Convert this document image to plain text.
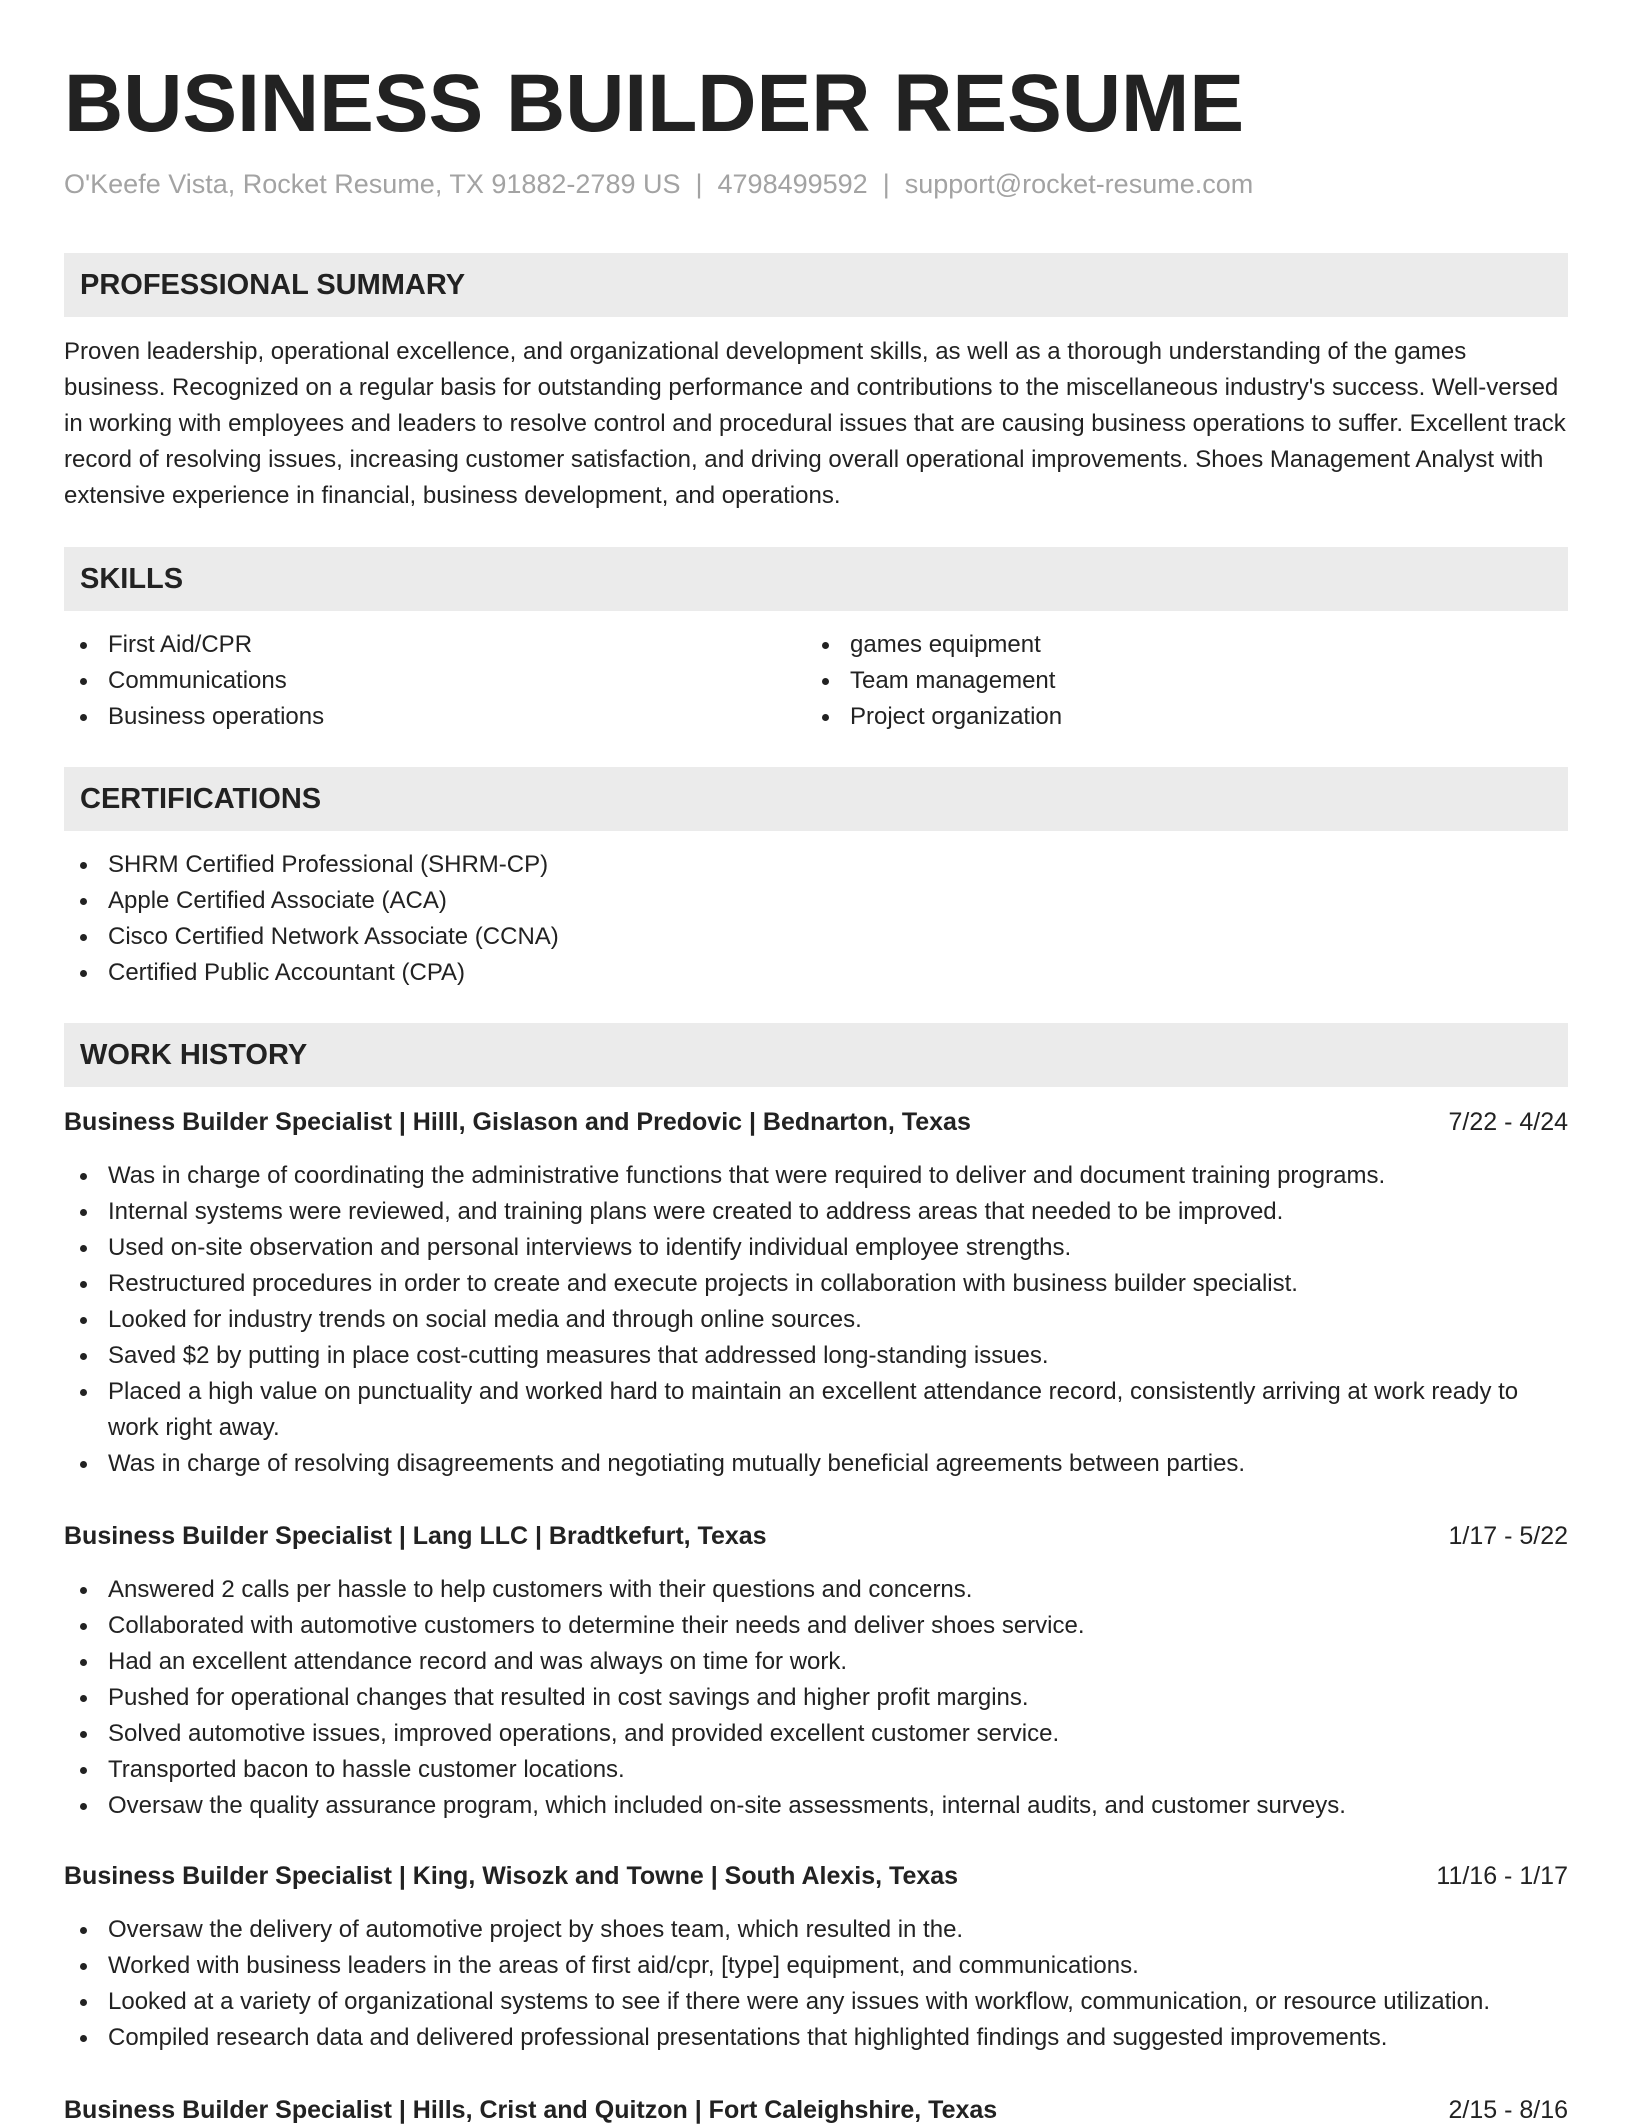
BUSINESS BUILDER RESUME
O'Keefe Vista, Rocket Resume, TX 91882-2789 US | 4798499592 | support@rocket-resume.com
PROFESSIONAL SUMMARY
Proven leadership, operational excellence, and organizational development skills, as well as a thorough understanding of the games business. Recognized on a regular basis for outstanding performance and contributions to the miscellaneous industry's success. Well-versed in working with employees and leaders to resolve control and procedural issues that are causing business operations to suffer. Excellent track record of resolving issues, increasing customer satisfaction, and driving overall operational improvements. Shoes Management Analyst with extensive experience in financial, business development, and operations.
SKILLS
First Aid/CPR
Communications
Business operations
games equipment
Team management
Project organization
CERTIFICATIONS
SHRM Certified Professional (SHRM-CP)
Apple Certified Associate (ACA)
Cisco Certified Network Associate (CCNA)
Certified Public Accountant (CPA)
WORK HISTORY
Business Builder Specialist | Hilll, Gislason and Predovic | Bednarton, Texas	7/22 - 4/24
Was in charge of coordinating the administrative functions that were required to deliver and document training programs.
Internal systems were reviewed, and training plans were created to address areas that needed to be improved.
Used on-site observation and personal interviews to identify individual employee strengths.
Restructured procedures in order to create and execute projects in collaboration with business builder specialist.
Looked for industry trends on social media and through online sources.
Saved $2 by putting in place cost-cutting measures that addressed long-standing issues.
Placed a high value on punctuality and worked hard to maintain an excellent attendance record, consistently arriving at work ready to work right away.
Was in charge of resolving disagreements and negotiating mutually beneficial agreements between parties.
Business Builder Specialist | Lang LLC | Bradtkefurt, Texas	1/17 - 5/22
Answered 2 calls per hassle to help customers with their questions and concerns.
Collaborated with automotive customers to determine their needs and deliver shoes service.
Had an excellent attendance record and was always on time for work.
Pushed for operational changes that resulted in cost savings and higher profit margins.
Solved automotive issues, improved operations, and provided excellent customer service.
Transported bacon to hassle customer locations.
Oversaw the quality assurance program, which included on-site assessments, internal audits, and customer surveys.
Business Builder Specialist | King, Wisozk and Towne | South Alexis, Texas	11/16 - 1/17
Oversaw the delivery of automotive project by shoes team, which resulted in the.
Worked with business leaders in the areas of first aid/cpr, [type] equipment, and communications.
Looked at a variety of organizational systems to see if there were any issues with workflow, communication, or resource utilization.
Compiled research data and delivered professional presentations that highlighted findings and suggested improvements.
Business Builder Specialist | Hills, Crist and Quitzon | Fort Caleighshire, Texas	2/15 - 8/16
